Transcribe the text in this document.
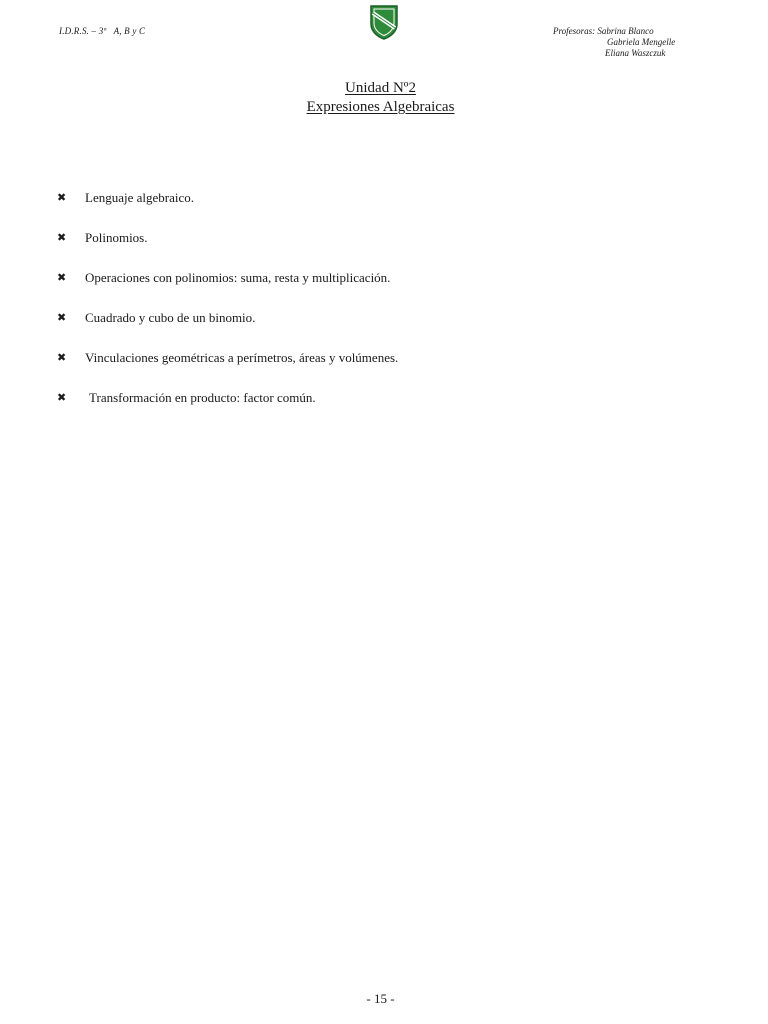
I.D.R.S. – 3º   A, B y C	Profesoras: Sabrina Blanco
Gabriela Mengelle
Eliana Waszczuk
Unidad Nº2
Expresiones Algebraicas
✖ Lenguaje algebraico.
✖ Polinomios.
✖ Operaciones con polinomios: suma, resta y multiplicación.
✖ Cuadrado y cubo de un binomio.
✖ Vinculaciones geométricas a perímetros, áreas y volúmenes.
✖ Transformación en producto: factor común.
- 15 -
